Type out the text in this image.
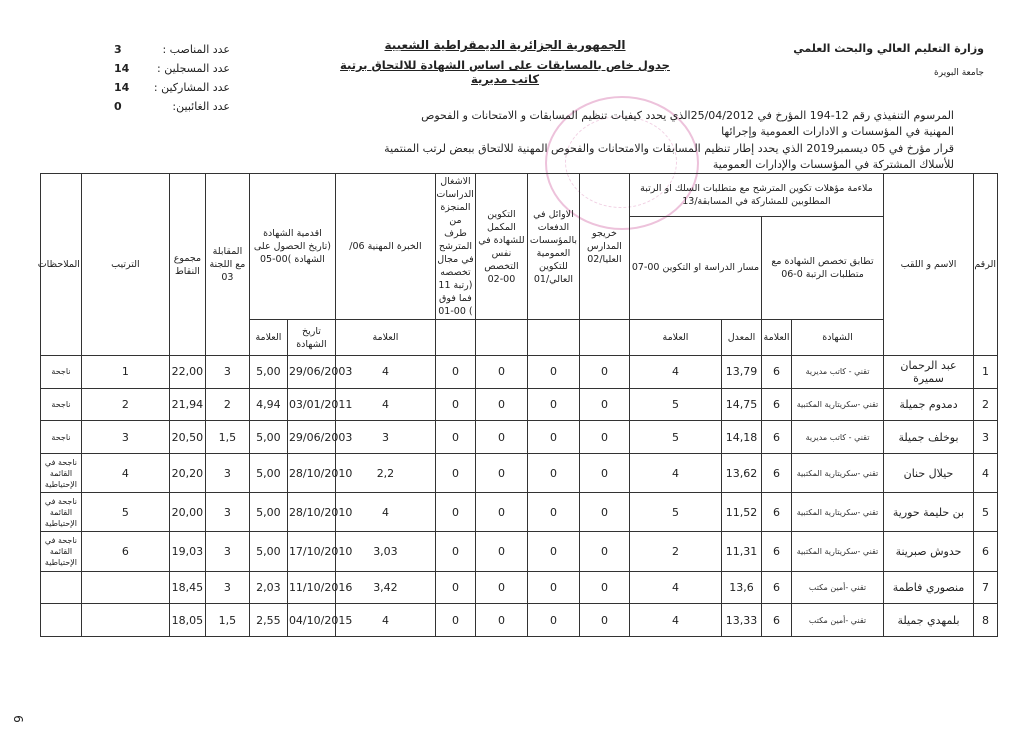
وزارة التعليم العالي والبحث العلمي
جامعة البويرة
الجمهورية الجزائرية الديمقراطية الشعبية
جدول خاص بالمسابقات على اساس الشهادة للالتحاق برتبة كاتب مديرية
عدد المناصب :
3
عدد المسجلين :
14
عدد المشاركين :
14
عدد الغائبين:
0
المرسوم التنفيذي رقم 12-194 المؤرخ في 25/04/2012الذي يحدد كيفيات تنظيم المسابقات و الامتحانات و الفحوص
المهنية في المؤسسات و الادارات العمومية وإجرائها
قرار مؤرخ في 05 ديسمبر2019 الذي يحدد إطار تنظيم المسابقات والامتحانات والفحوص المهنية للالتحاق ببعض لرتب المنتمية
للأسلاك المشتركة في المؤسسات والإدارات العمومية
الرقم	الاسم و اللقب	ملاءمة مؤهلات تكوين المترشح مع متطلبات السلك او الرتبة المطلوبين للمشاركة في المسابقة/13				خريجو المدارس العليا/02	الاوائل في الدفعات بالمؤسسات العمومية للتكوين العالي/01	التكوين المكمل للشهادة في نفس التخصص 00-02	الاشغال الدراسات المنجزة من طرف المترشح في مجال تخصصه (رتبة 11 فما فوق ) 00-01	الخبرة المهنية 06/	اقدمية الشهادة (تاريخ الحصول على الشهادة )00-05		المقابلة مع اللجنة 03	مجموع النقاط	الترتيب	الملاحظات
		تطابق تخصص الشهادة مع متطلبات الرتبة 0-06		مسار الدراسة او التكوين 00-07												
		الشهادة	العلامة	المعدل	العلامة					العلامة	تاريخ الشهادة	العلامة				
1	عبد الرحمان سميرة	تقني - كاتب مديرية	6	13,79	4	0	0	0	0	4	29/06/2003	5,00	3	22,00	1	ناجحة
2	دمدوم جميلة	تقني -سكريتارية المكتبية	6	14,75	5	0	0	0	0	4	03/01/2011	4,94	2	21,94	2	ناجحة
3	بوخلف جميلة	تقني - كاتب مديرية	6	14,18	5	0	0	0	0	3	29/06/2003	5,00	1,5	20,50	3	ناجحة
4	حيلال حنان	تقني -سكريتارية المكتبية	6	13,62	4	0	0	0	0	2,2	28/10/2010	5,00	3	20,20	4	ناجحة في القائمة الإحتياطية
5	بن حليمة حورية	تقني -سكريتارية المكتبية	6	11,52	5	0	0	0	0	4	28/10/2010	5,00	3	20,00	5	ناجحة في القائمة الإحتياطية
6	حدوش صبرينة	تقني -سكريتارية المكتبية	6	11,31	2	0	0	0	0	3,03	17/10/2010	5,00	3	19,03	6	ناجحة في القائمة الإحتياطية
7	منصوري فاطمة	تقني -أمين مكتب	6	13,6	4	0	0	0	0	3,42	11/10/2016	2,03	3	18,45		
8	بلمهدي جميلة	تقني -أمين مكتب	6	13,33	4	0	0	0	0	4	04/10/2015	2,55	1,5	18,05		
6
